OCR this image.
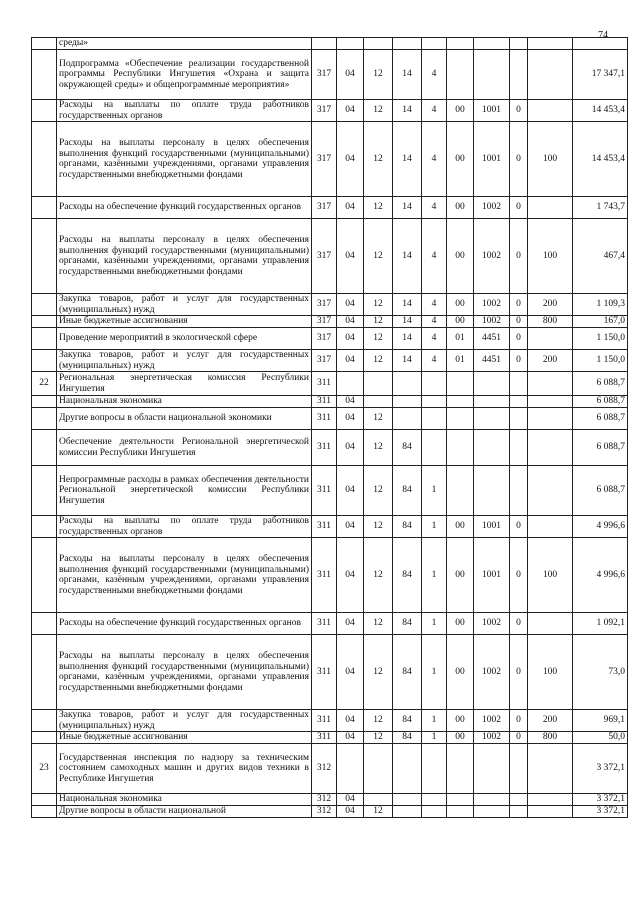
74
	среды»										
	Подпрограмма «Обеспечение реализации государственной программы Республики Ингушетия «Охрана и защита окружающей среды» и общепрограммные мероприятия»	317	04	12	14	4					17 347,1
	Расходы на выплаты по оплате труда работников государственных органов	317	04	12	14	4	00	1001	0		14 453,4
	Расходы на выплаты персоналу в целях обеспечения выполнения функций государственными (муниципальными) органами, казёнными учреждениями, органами управления государственными внебюджетными фондами	317	04	12	14	4	00	1001	0	100	14 453,4
	Расходы на обеспечение функций государственных органов	317	04	12	14	4	00	1002	0		1 743,7
	Расходы на выплаты персоналу в целях обеспечения выполнения функций государственными (муниципальными) органами, казёнными учреждениями, органами управления государственными внебюджетными фондами	317	04	12	14	4	00	1002	0	100	467,4
	Закупка товаров, работ и услуг для государственных (муниципальных) нужд	317	04	12	14	4	00	1002	0	200	1 109,3
	Иные бюджетные ассигнования	317	04	12	14	4	00	1002	0	800	167,0
	Проведение мероприятий в экологической сфере	317	04	12	14	4	01	4451	0		1 150,0
	Закупка товаров, работ и услуг для государственных (муниципальных) нужд	317	04	12	14	4	01	4451	0	200	1 150,0
22	Региональная энергетическая комиссия Республики Ингушетия	311									6 088,7
	Национальная экономика	311	04								6 088,7
	Другие вопросы в области национальной экономики	311	04	12							6 088,7
	Обеспечение деятельности Региональной энергетической комиссии Республики Ингушетия	311	04	12	84						6 088,7
	Непрограммные расходы в рамках обеспечения деятельности Региональной энергетической комиссии Республики Ингушетия	311	04	12	84	1					6 088,7
	Расходы на выплаты по оплате труда работников государственных органов	311	04	12	84	1	00	1001	0		4 996,6
	Расходы на выплаты персоналу в целях обеспечения выполнения функций государственными (муниципальными) органами, казённым учреждениями, органами управления государственными внебюджетными фондами	311	04	12	84	1	00	1001	0	100	4 996,6
	Расходы на обеспечение функций государственных органов	311	04	12	84	1	00	1002	0		1 092,1
	Расходы на выплаты персоналу в целях обеспечения выполнения функций государственными (муниципальными) органами, казённым учреждениями, органами управления государственными внебюджетными фондами	311	04	12	84	1	00	1002	0	100	73,0
	Закупка товаров, работ и услуг для государственных (муниципальных) нужд	311	04	12	84	1	00	1002	0	200	969,1
	Иные бюджетные ассигнования	311	04	12	84	1	00	1002	0	800	50,0
23	Государственная инспекция по надзору за техническим состоянием самоходных машин и других видов техники в Республике Ингушетия	312									3 372,1
	Национальная экономика	312	04								3 372,1
	Другие вопросы в области национальной	312	04	12							3 372,1
